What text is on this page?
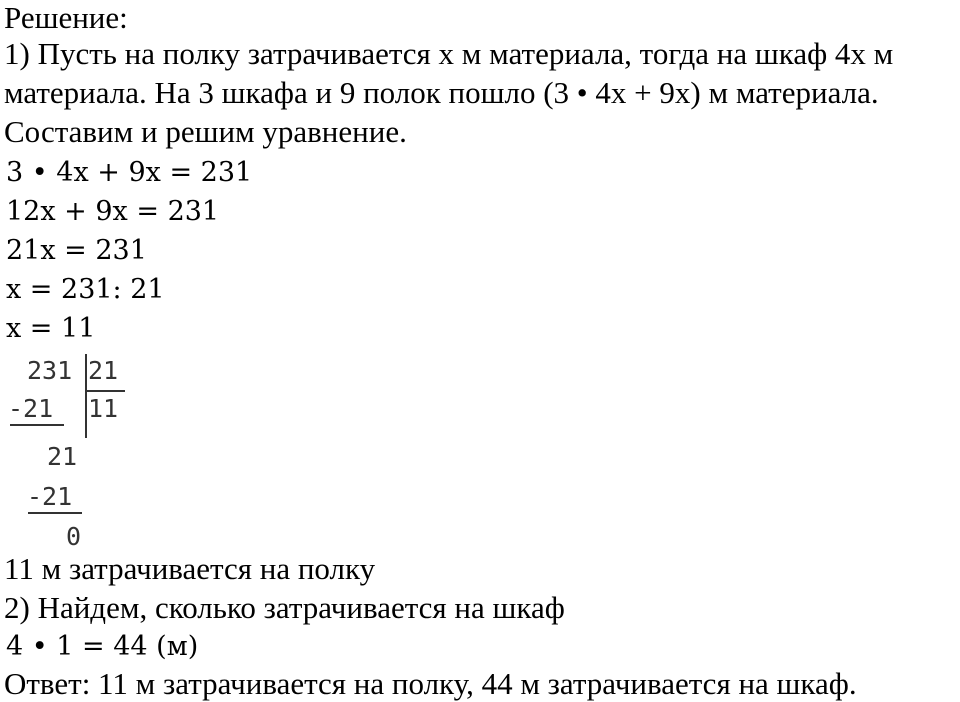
Решение:
1) Пусть на полку затрачивается x м материала, тогда на шкаф 4x м
материала. На 3 шкафа и 9 полок пошло (3 • 4x + 9x) м материала.
Составим и решим уравнение.
3 • 4x + 9x = 231
12x + 9x = 231
21x = 231
x = 231: 21
x = 11
231 21
11
-21
21
-21
0
11 м затрачивается на полку
2) Найдем, сколько затрачивается на шкаф
4 • 1 = 44 (м)
Ответ: 11 м затрачивается на полку, 44 м затрачивается на шкаф.
